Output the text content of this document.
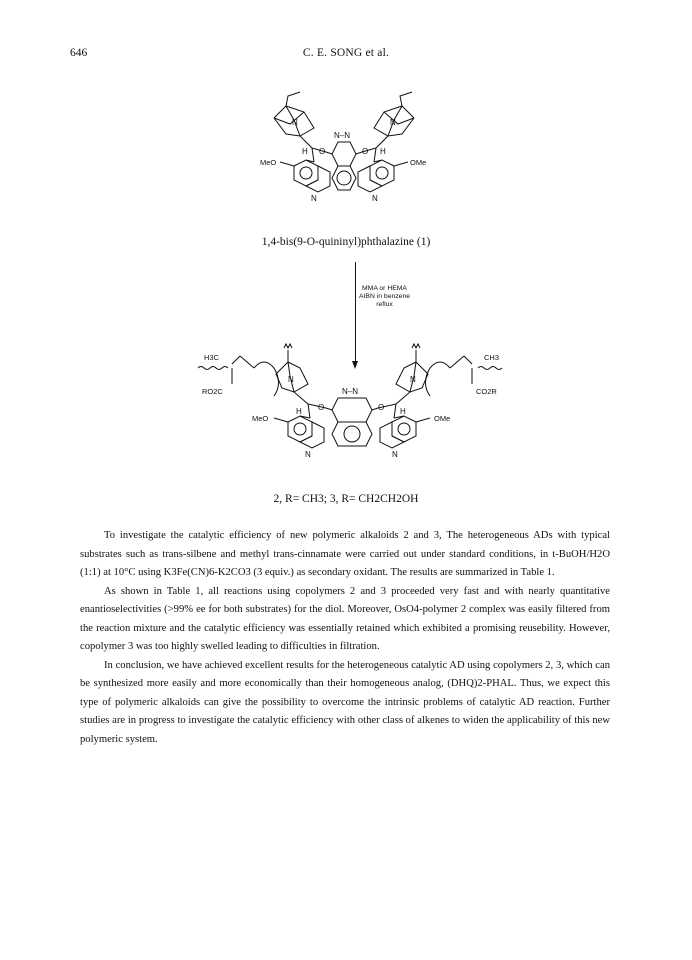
646	C. E. SONG et al.
N	N
N–N
O	O
H	H
MeO	OMe
N	N
1,4-bis(9-O-quininyl)phthalazine (1)
MMA or HEMA
AIBN in benzene
reflux
H3C	CH3
RO2C	CO2R
N	N
N–N
O	O
H	H
MeO	OMe
N	N
2, R= CH3; 3, R= CH2CH2OH

To investigate the catalytic efficiency of new polymeric alkaloids 2 and 3, The heterogeneous ADs with typical substrates such as trans-silbene and methyl trans-cinnamate were carried out under standard conditions, in t-BuOH/H2O (1:1) at 10°C using K3Fe(CN)6-K2CO3 (3 equiv.) as secondary oxidant. The results are summarized in Table 1.

As shown in Table 1, all reactions using copolymers 2 and 3 proceeded very fast and with nearly quantitative enantioselectivities (>99% ee for both substrates) for the diol. Moreover, OsO4-polymer 2 complex was easily filtered from the reaction mixture and the catalytic efficiency was essentially retained which exhibited a promising reusebility. However, copolymer 3 was too highly swelled leading to difficulties in filtration.

In conclusion, we have achieved excellent results for the heterogeneous catalytic AD using copolymers 2, 3, which can be synthesized more easily and more economically than their homogeneous analog, (DHQ)2-PHAL. Thus, we expect this type of polymeric alkaloids can give the possibility to overcome the intrinsic problems of catalytic AD reaction. Further studies are in progress to investigate the catalytic efficiency with other class of alkenes to widen the applicability of this new polymeric system.
